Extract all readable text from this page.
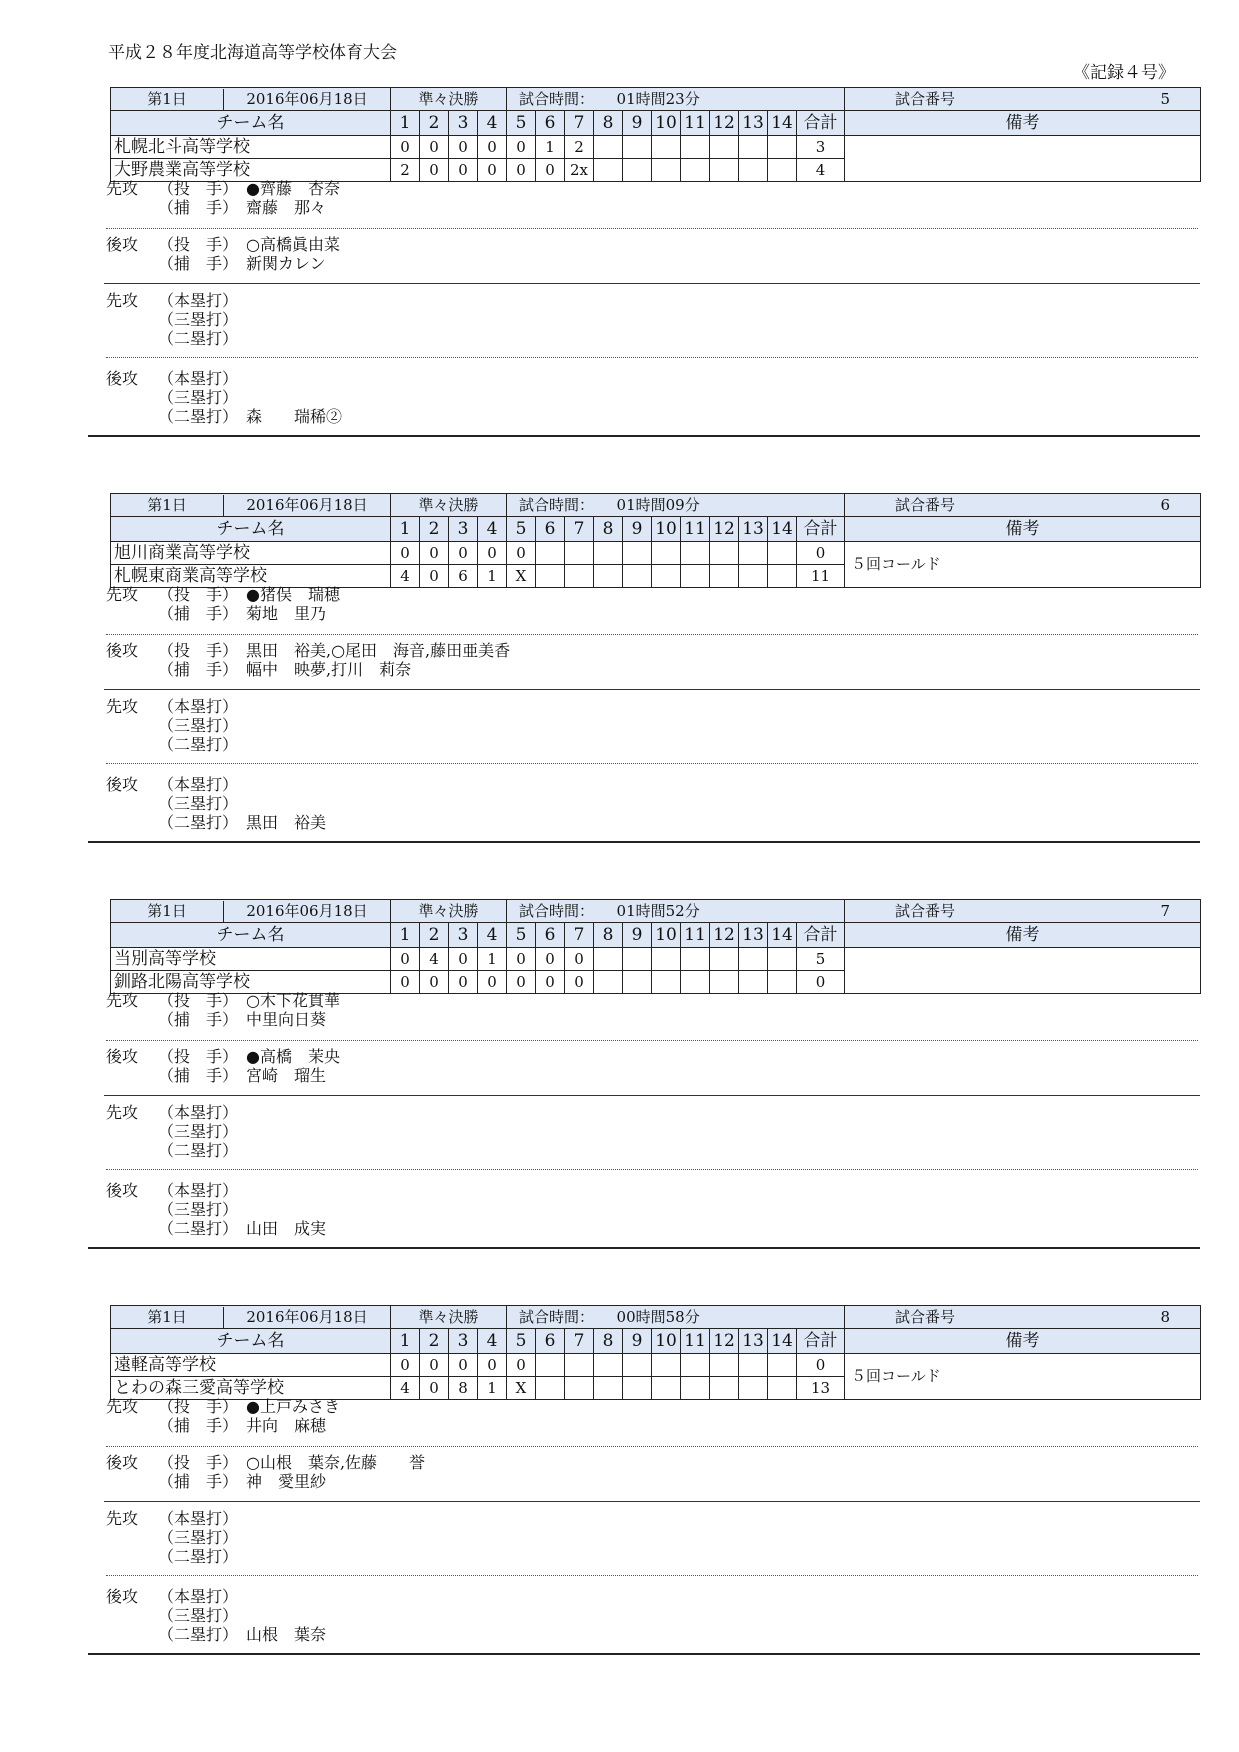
平成２８年度北海道高等学校体育大会
《記録４号》
第1日 2016年06月18日	準々決勝				試合時間：　　 01時間23分											試合番号 5

チーム名	1	2	3	4	5	6	7	8	9	10	11	12	13	14	合計	備考
札幌北斗高等学校	0	0	0	0	0	1	2								3	
大野農業高等学校	2	0	0	0	0	0	2x								4	
先攻 （投　手） ●齊藤　杏奈
（捕　手） 齋藤　那々
後攻 （投　手） ○高橋眞由菜
（捕　手） 新関カレン
先攻 （本塁打）
（三塁打）
（二塁打）
後攻 （本塁打）
（三塁打）
（二塁打） 森　　瑞稀②
第1日 2016年06月18日	準々決勝				試合時間：　　 01時間09分											試合番号 6

チーム名	1	2	3	4	5	6	7	8	9	10	11	12	13	14	合計	備考
旭川商業高等学校	0	0	0	0	0										0	５回コールド
札幌東商業高等学校	4	0	6	1	X										11	
先攻 （投　手） ●猪俣　瑞穂
（捕　手） 菊地　里乃
後攻 （投　手） 黒田　裕美,○尾田　海音,藤田亜美香
（捕　手） 幅中　映夢,打川　莉奈
先攻 （本塁打）
（三塁打）
（二塁打）
後攻 （本塁打）
（三塁打）
（二塁打） 黒田　裕美
第1日 2016年06月18日	準々決勝				試合時間：　　 01時間52分											試合番号 7

チーム名	1	2	3	4	5	6	7	8	9	10	11	12	13	14	合計	備考
当別高等学校	0	4	0	1	0	0	0								5	
釧路北陽高等学校	0	0	0	0	0	0	0								0	
先攻 （投　手） ○木下花貫華
（捕　手） 中里向日葵
後攻 （投　手） ●高橋　茉央
（捕　手） 宮崎　瑠生
先攻 （本塁打）
（三塁打）
（二塁打）
後攻 （本塁打）
（三塁打）
（二塁打） 山田　成実
第1日 2016年06月18日	準々決勝				試合時間：　　 00時間58分											試合番号 8

チーム名	1	2	3	4	5	6	7	8	9	10	11	12	13	14	合計	備考
遠軽高等学校	0	0	0	0	0										0	５回コールド
とわの森三愛高等学校	4	0	8	1	X										13	
先攻 （投　手） ●上戸みさき
（捕　手） 井向　麻穂
後攻 （投　手） ○山根　葉奈,佐藤　　誉
（捕　手） 神　愛里紗
先攻 （本塁打）
（三塁打）
（二塁打）
後攻 （本塁打）
（三塁打）
（二塁打） 山根　葉奈
